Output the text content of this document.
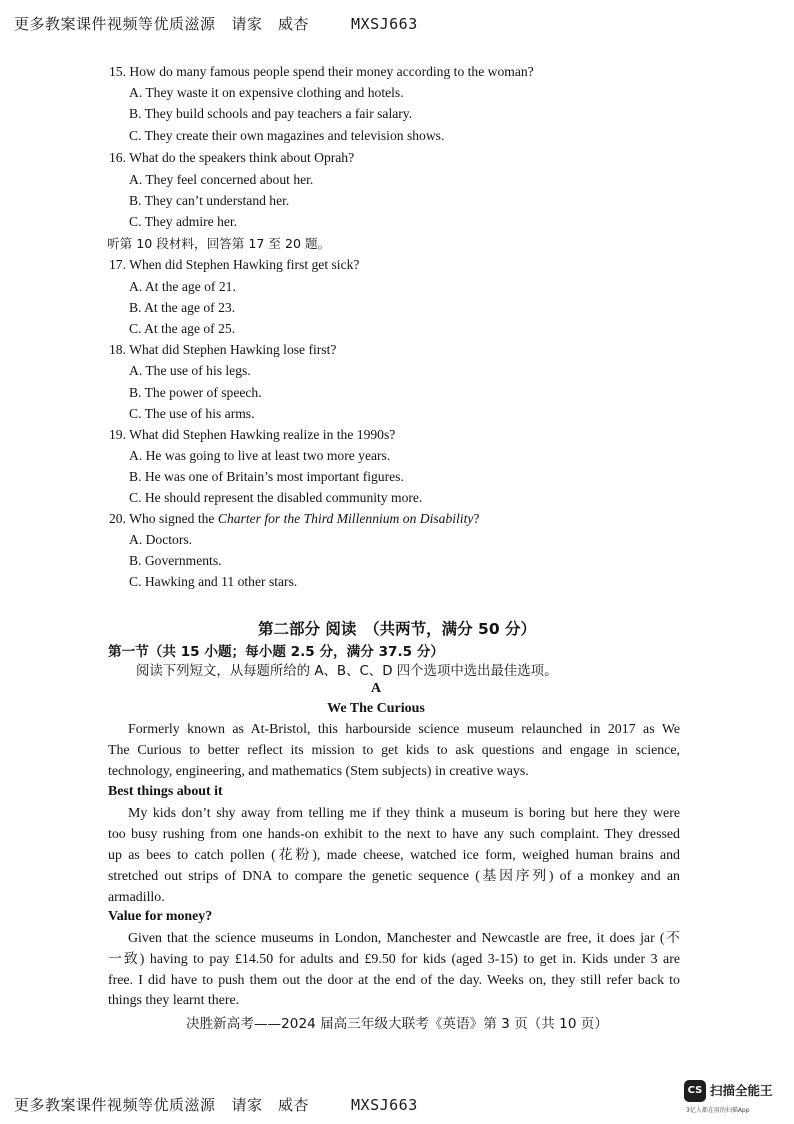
更多教案课件视频等优质滋源 请家　威杏	MXSJ663
15. How do many famous people spend their money according to the woman?
A. They waste it on expensive clothing and hotels.
B. They build schools and pay teachers a fair salary.
C. They create their own magazines and television shows.
16. What do the speakers think about Oprah?
A. They feel concerned about her.
B. They can’t understand her.
C. They admire her.
听第 10 段材料，回答第 17 至 20 题。
17. When did Stephen Hawking first get sick?
A. At the age of 21.
B. At the age of 23.
C. At the age of 25.
18. What did Stephen Hawking lose first?
A. The use of his legs.
B. The power of speech.
C. The use of his arms.
19. What did Stephen Hawking realize in the 1990s?
A. He was going to live at least two more years.
B. He was one of Britain’s most important figures.
C. He should represent the disabled community more.
20. Who signed the Charter for the Third Millennium on Disability?
A. Doctors.
B. Governments.
C. Hawking and 11 other stars.
第二部分 阅读　（共两节，满分 50 分）
第一节（共 15 小题；每小题 2.5 分，满分 37.5 分）
阅读下列短文，从每题所给的 A、B、C、D 四个选项中选出最佳选项。
A
We The Curious
Formerly known as At-Bristol, this harbourside science museum relaunched in 2017 as We
The Curious to better reflect its mission to get kids to ask questions and engage in science,
technology, engineering, and mathematics (Stem subjects) in creative ways.
Best things about it
My kids don’t shy away from telling me if they think a museum is boring but here they were
too busy rushing from one hands-on exhibit to the next to have any such complaint. They dressed
up as bees to catch pollen (花粉), made cheese, watched ice form, weighed human brains and
stretched out strips of DNA to compare the genetic sequence (基因序列) of a monkey and an
armadillo.
Value for money?
Given that the science museums in London, Manchester and Newcastle are free, it does jar (不
一致) having to pay £14.50 for adults and £9.50 for kids (aged 3-15) to get in. Kids under 3 are
free. I did have to push them out the door at the end of the day. Weeks on, they still refer back to
things they learnt there.
决胜新高考——2024 届高三年级大联考《英语》第 3 页（共 10 页）
更多教案课件视频等优质滋源 请家　威杏	MXSJ663
CS 扫描全能王
3亿人都在用的扫描App
